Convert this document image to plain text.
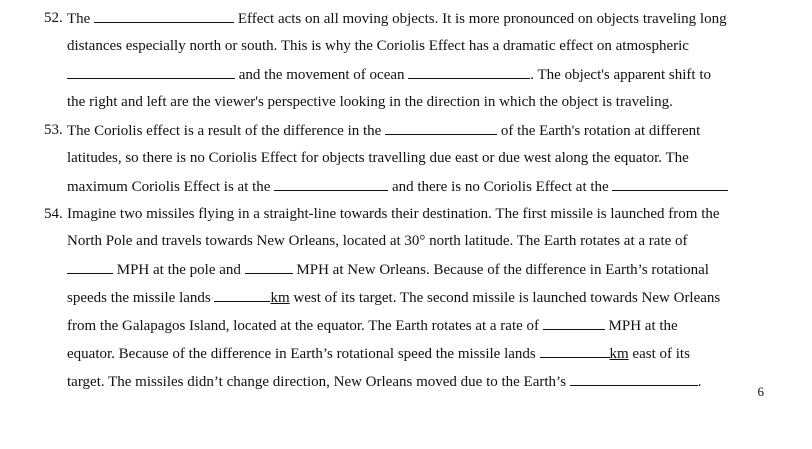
52. The	Effect acts on all moving objects. It is more pronounced on objects traveling long
distances especially north or south. This is why the Coriolis Effect has a dramatic effect on atmospheric
and the movement of ocean	. The object's apparent shift to
the right and left are the viewer's perspective looking in the direction in which the object is traveling.
53. The Coriolis effect is a result of the difference in the	of the Earth's rotation at different
latitudes, so there is no Coriolis Effect for objects travelling due east or due west along the equator. The
maximum Coriolis Effect is at the	and there is no Coriolis Effect at the
54. Imagine two missiles flying in a straight-line towards their destination. The first missile is launched from the
North Pole and travels towards New Orleans, located at 30° north latitude. The Earth rotates at a rate of
MPH at the pole and	MPH at New Orleans. Because of the difference in Earth’s rotational
speeds the missile lands	km west of its target. The second missile is launched towards New Orleans
from the Galapagos Island, located at the equator. The Earth rotates at a rate of	MPH at the
equator. Because of the difference in Earth’s rotational speed the missile lands	km east of its
target. The missiles didn’t change direction, New Orleans moved due to the Earth’s	.
6
